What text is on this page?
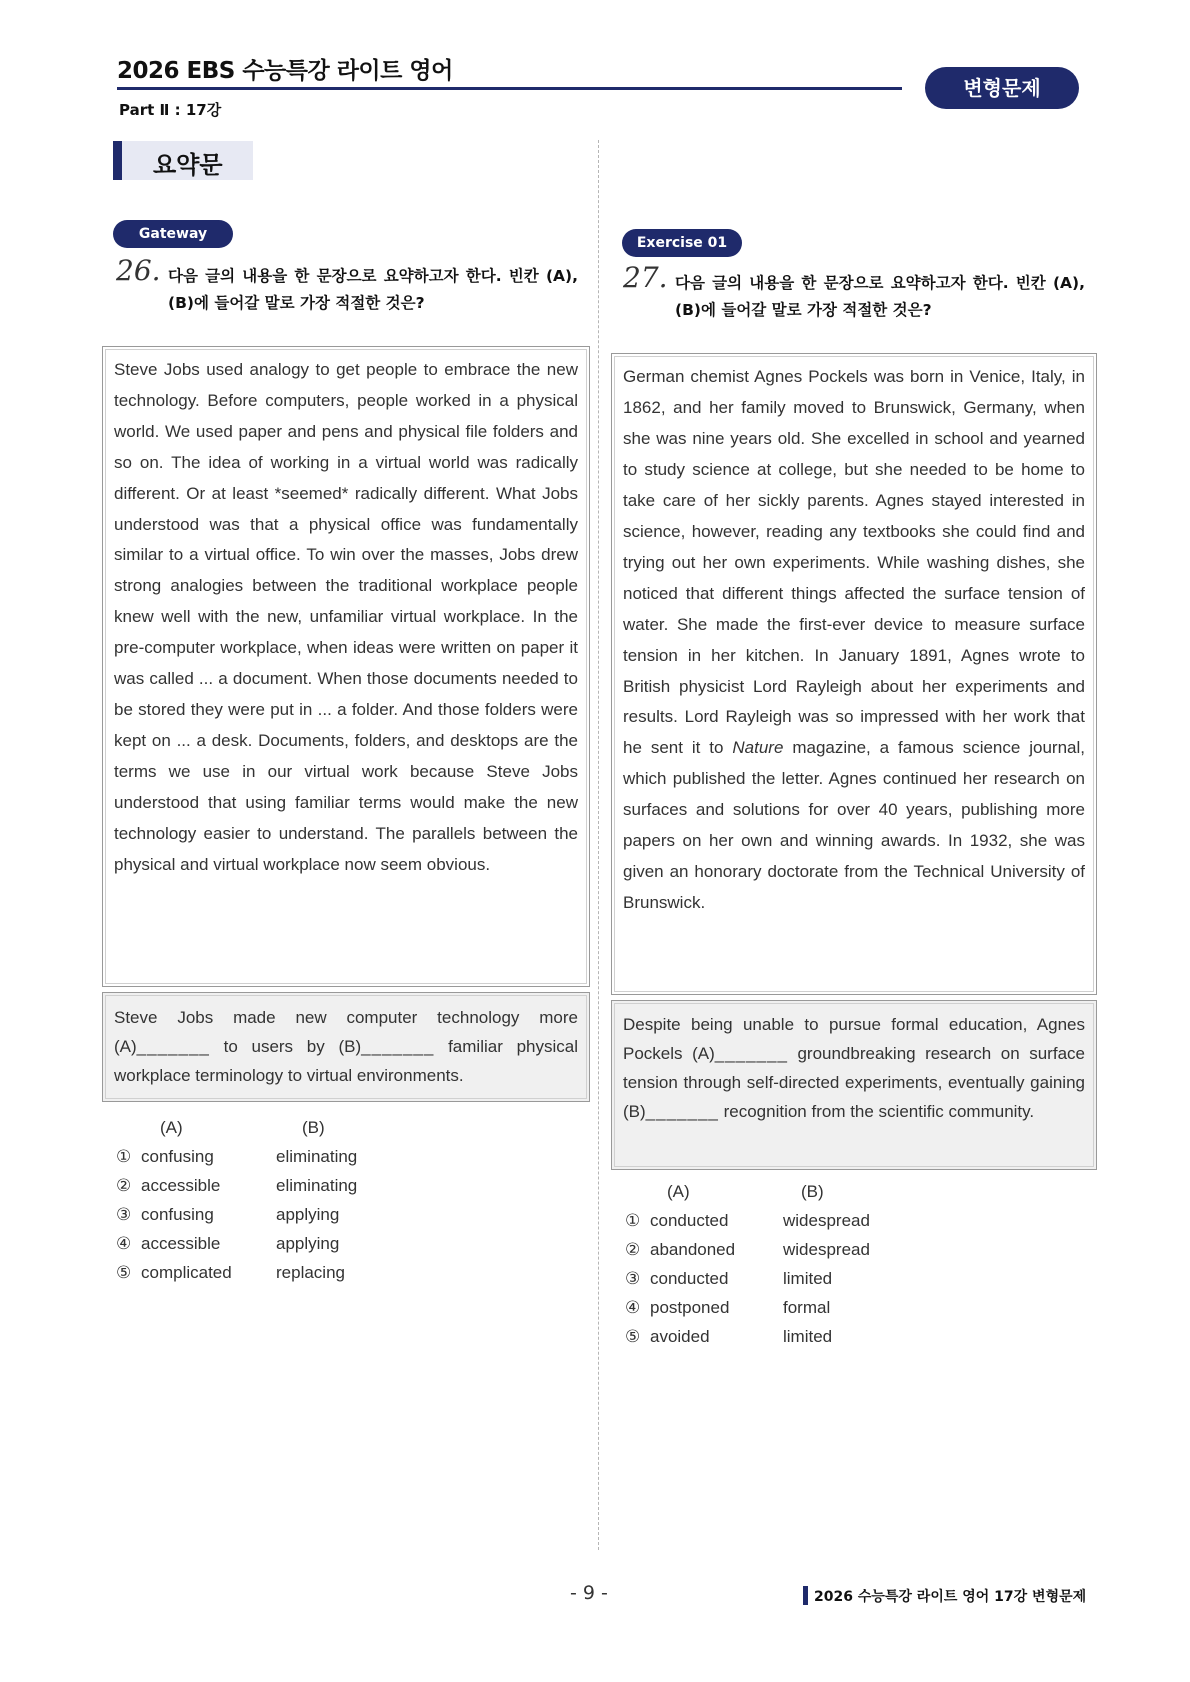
2026 EBS 수능특강 라이트 영어
Part Ⅱ : 17강
변형문제
요약문
Gateway
26. 다음 글의 내용을 한 문장으로 요약하고자 한다. 빈칸 (A), (B)에 들어갈 말로 가장 적절한 것은?
Steve Jobs used analogy to get people to embrace the new technology. Before computers, people worked in a physical world. We used paper and pens and physical file folders and so on. The idea of working in a virtual world was radically different. Or at least *seemed* radically different. What Jobs understood was that a physical office was fundamentally similar to a virtual office. To win over the masses, Jobs drew strong analogies between the traditional workplace people knew well with the new, unfamiliar virtual workplace. In the pre-computer workplace, when ideas were written on paper it was called ... a document. When those documents needed to be stored they were put in ... a folder. And those folders were kept on ... a desk. Documents, folders, and desktops are the terms we use in our virtual work because Steve Jobs understood that using familiar terms would make the new technology easier to understand. The parallels between the physical and virtual workplace now seem obvious.
Steve Jobs made new computer technology more (A)_______ to users by (B)_______ familiar physical workplace terminology to virtual environments.
(A)	(B)
① confusing	eliminating
② accessible	eliminating
③ confusing	applying
④ accessible	applying
⑤ complicated	replacing
Exercise 01
27. 다음 글의 내용을 한 문장으로 요약하고자 한다. 빈칸 (A), (B)에 들어갈 말로 가장 적절한 것은?
German chemist Agnes Pockels was born in Venice, Italy, in 1862, and her family moved to Brunswick, Germany, when she was nine years old. She excelled in school and yearned to study science at college, but she needed to be home to take care of her sickly parents. Agnes stayed interested in science, however, reading any textbooks she could find and trying out her own experiments. While washing dishes, she noticed that different things affected the surface tension of water. She made the first-ever device to measure surface tension in her kitchen. In January 1891, Agnes wrote to British physicist Lord Rayleigh about her experiments and results. Lord Rayleigh was so impressed with her work that he sent it to Nature magazine, a famous science journal, which published the letter. Agnes continued her research on surfaces and solutions for over 40 years, publishing more papers on her own and winning awards. In 1932, she was given an honorary doctorate from the Technical University of Brunswick.
Despite being unable to pursue formal education, Agnes Pockels (A)_______ groundbreaking research on surface tension through self-directed experiments, eventually gaining (B)_______ recognition from the scientific community.
(A)	(B)
① conducted	widespread
② abandoned	widespread
③ conducted	limited
④ postponed	formal
⑤ avoided	limited
- 9 -	2026 수능특강 라이트 영어 17강 변형문제
